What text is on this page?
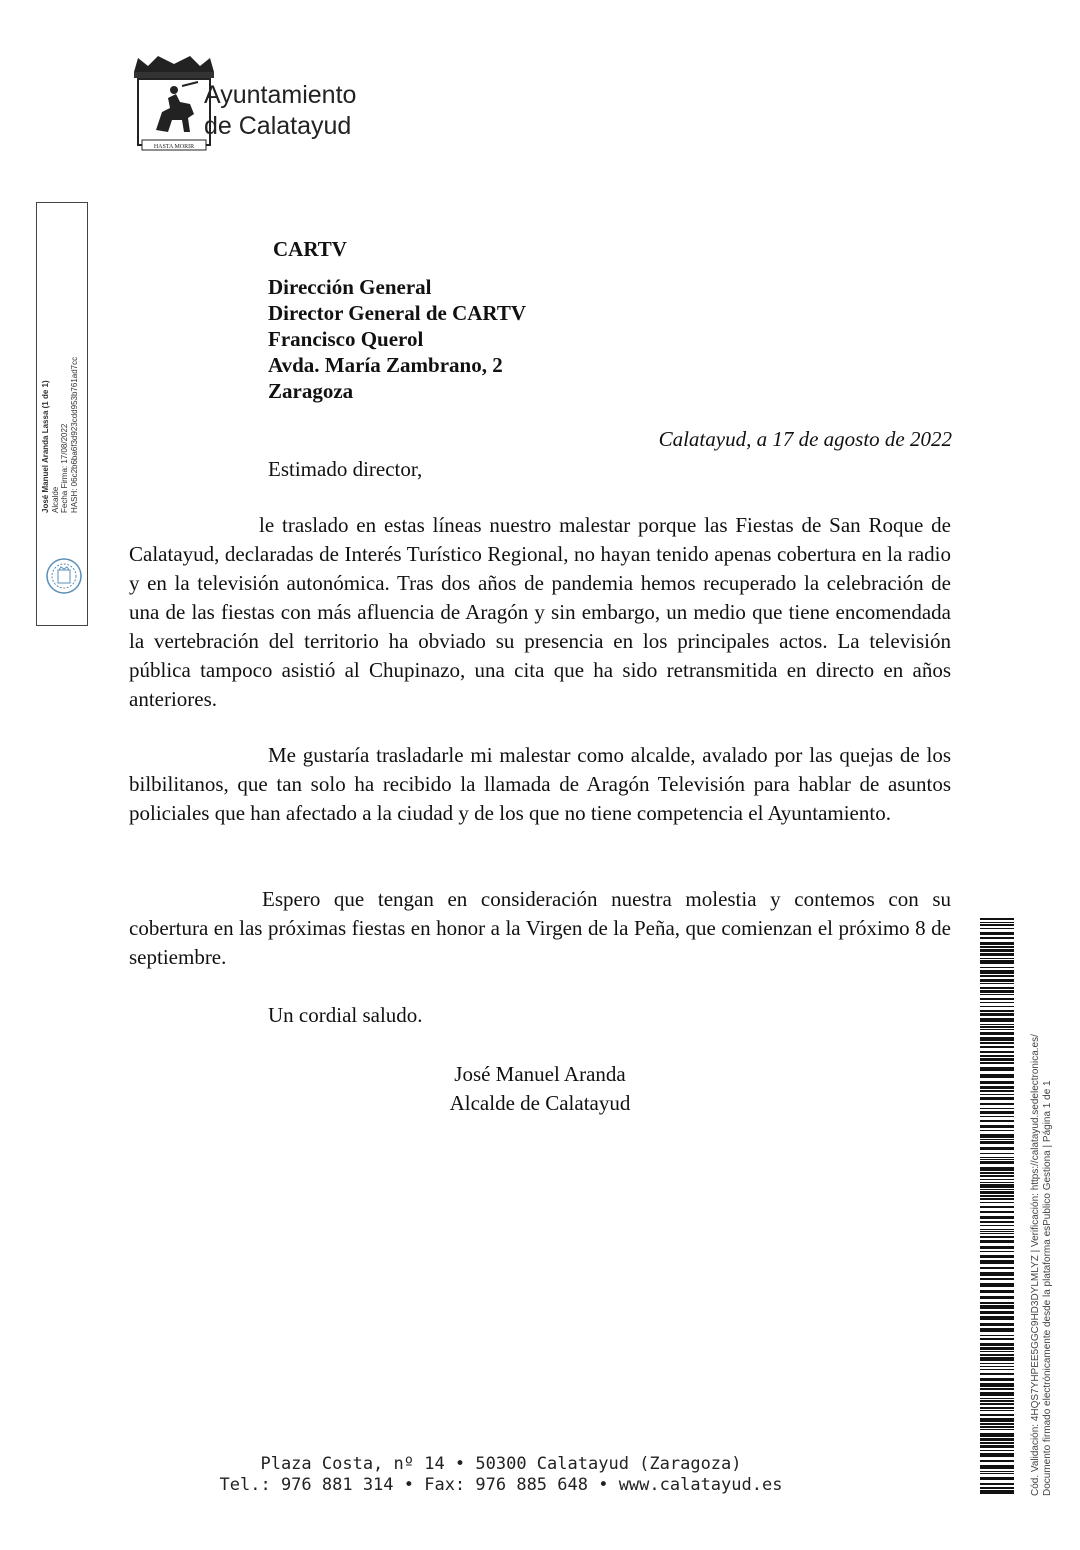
HASTA MORIR
Ayuntamiento
de Calatayud
José Manuel Aranda Lassa (1 de 1) Alcalde Fecha Firma: 17/08/2022 HASH: 06c2b6ba6f3d923cdd953b761ad7cc
CARTV
Dirección General
Director General de CARTV
Francisco Querol
Avda. María Zambrano, 2
Zaragoza
Calatayud, a 17 de agosto de 2022
Estimado director,
le traslado en estas líneas nuestro malestar porque las Fiestas de San Roque de Calatayud, declaradas de Interés Turístico Regional, no hayan tenido apenas cobertura en la radio y en la televisión autonómica. Tras dos años de pandemia hemos recuperado la celebración de una de las fiestas con más afluencia de Aragón y sin embargo, un medio que tiene encomendada la vertebración del territorio ha obviado su presencia en los principales actos. La televisión pública tampoco asistió al Chupinazo, una cita que ha sido retransmitida en directo en años anteriores.
Me gustaría trasladarle mi malestar como alcalde, avalado por las quejas de los bilbilitanos, que tan solo ha recibido la llamada de Aragón Televisión para hablar de asuntos policiales que han afectado a la ciudad y de los que no tiene competencia el Ayuntamiento.
Espero que tengan en consideración nuestra molestia y contemos con su cobertura en las próximas fiestas en honor a la Virgen de la Peña, que comienzan el próximo 8 de septiembre.
Un cordial saludo.
José Manuel Aranda
Alcalde de Calatayud
Plaza Costa, nº 14 • 50300 Calatayud (Zaragoza)
Tel.: 976 881 314 • Fax: 976 885 648 • www.calatayud.es	Cód. Validación: 4HQS7YHPEE5GGC9HD3DYLMLYZ | Verificación: https://calatayud.sedelectronica.es/ Documento firmado electrónicamente desde la plataforma esPublico Gestiona | Página 1 de 1
